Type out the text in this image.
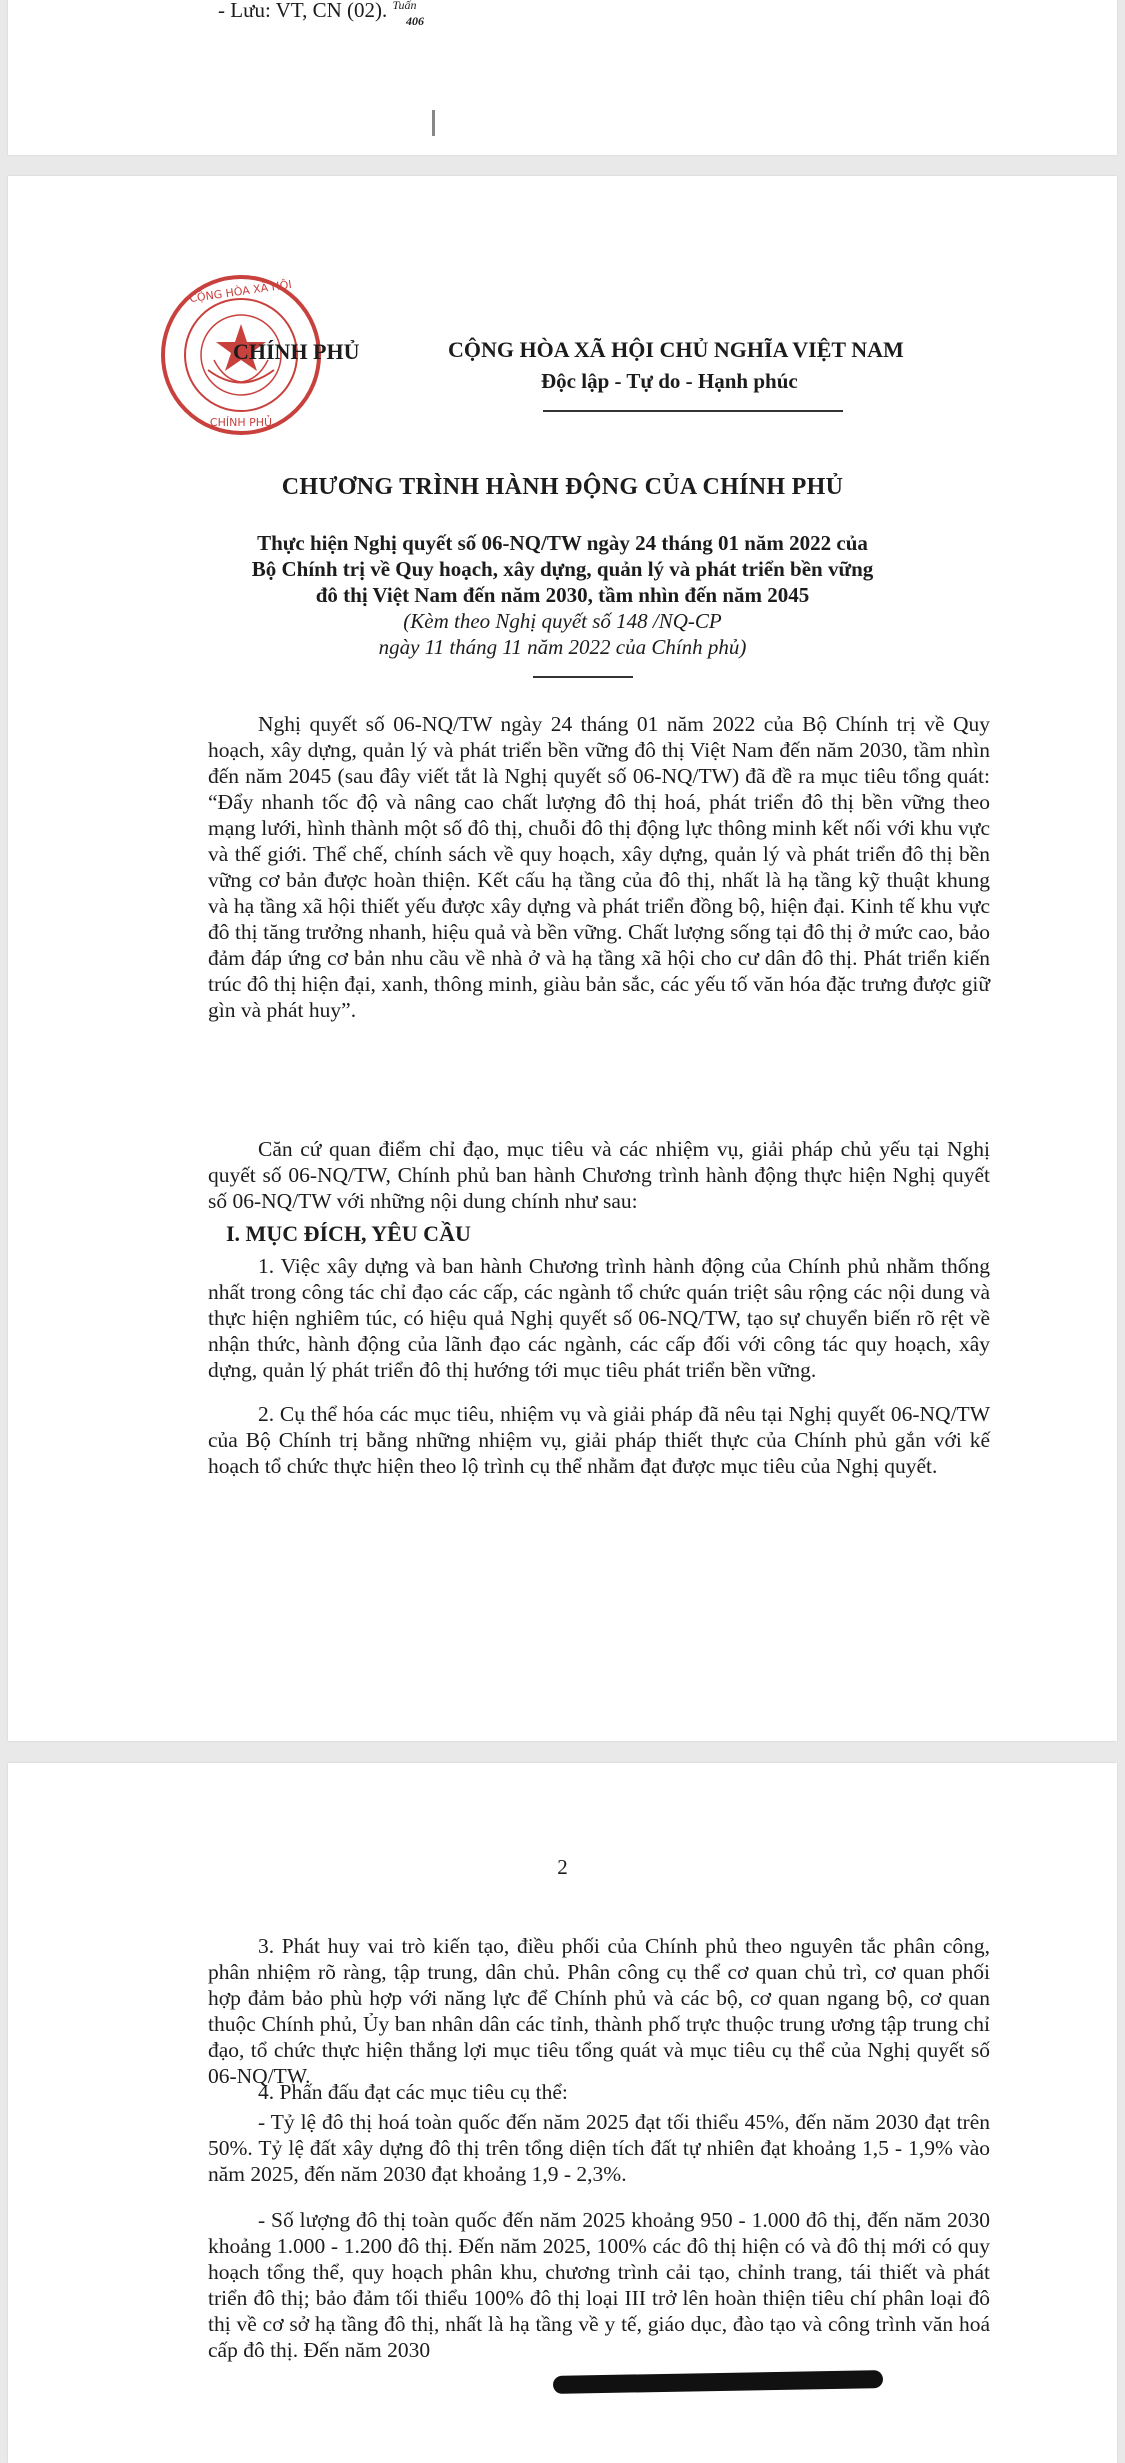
- Lưu: VT, CN (02). $^{Tuấn}$
406
CỘNG HÒA XÃ HỘI
CHÍNH PHỦ
CHÍNH PHỦ	CỘNG HÒA XÃ HỘI CHỦ NGHĨA VIỆT NAM
Độc lập - Tự do - Hạnh phúc
CHƯƠNG TRÌNH HÀNH ĐỘNG CỦA CHÍNH PHỦ
Thực hiện Nghị quyết số 06-NQ/TW ngày 24 tháng 01 năm 2022 của
Bộ Chính trị về Quy hoạch, xây dựng, quản lý và phát triển bền vững
đô thị Việt Nam đến năm 2030, tầm nhìn đến năm 2045
(Kèm theo Nghị quyết số 148 /NQ-CP
ngày 11 tháng 11 năm 2022 của Chính phủ)

Nghị quyết số 06-NQ/TW ngày 24 tháng 01 năm 2022 của Bộ Chính trị về Quy hoạch, xây dựng, quản lý và phát triển bền vững đô thị Việt Nam đến năm 2030, tầm nhìn đến năm 2045 (sau đây viết tắt là Nghị quyết số 06-NQ/TW) đã đề ra mục tiêu tổng quát: “Đẩy nhanh tốc độ và nâng cao chất lượng đô thị hoá, phát triển đô thị bền vững theo mạng lưới, hình thành một số đô thị, chuỗi đô thị động lực thông minh kết nối với khu vực và thế giới. Thể chế, chính sách về quy hoạch, xây dựng, quản lý và phát triển đô thị bền vững cơ bản được hoàn thiện. Kết cấu hạ tầng của đô thị, nhất là hạ tầng kỹ thuật khung và hạ tầng xã hội thiết yếu được xây dựng và phát triển đồng bộ, hiện đại. Kinh tế khu vực đô thị tăng trưởng nhanh, hiệu quả và bền vững. Chất lượng sống tại đô thị ở mức cao, bảo đảm đáp ứng cơ bản nhu cầu về nhà ở và hạ tầng xã hội cho cư dân đô thị. Phát triển kiến trúc đô thị hiện đại, xanh, thông minh, giàu bản sắc, các yếu tố văn hóa đặc trưng được giữ gìn và phát huy”.

Căn cứ quan điểm chỉ đạo, mục tiêu và các nhiệm vụ, giải pháp chủ yếu tại Nghị quyết số 06-NQ/TW, Chính phủ ban hành Chương trình hành động thực hiện Nghị quyết số 06-NQ/TW với những nội dung chính như sau:

I. MỤC ĐÍCH, YÊU CẦU

1. Việc xây dựng và ban hành Chương trình hành động của Chính phủ nhằm thống nhất trong công tác chỉ đạo các cấp, các ngành tổ chức quán triệt sâu rộng các nội dung và thực hiện nghiêm túc, có hiệu quả Nghị quyết số 06-NQ/TW, tạo sự chuyển biến rõ rệt về nhận thức, hành động của lãnh đạo các ngành, các cấp đối với công tác quy hoạch, xây dựng, quản lý phát triển đô thị hướng tới mục tiêu phát triển bền vững.

2. Cụ thể hóa các mục tiêu, nhiệm vụ và giải pháp đã nêu tại Nghị quyết 06-NQ/TW của Bộ Chính trị bằng những nhiệm vụ, giải pháp thiết thực của Chính phủ gắn với kế hoạch tổ chức thực hiện theo lộ trình cụ thể nhằm đạt được mục tiêu của Nghị quyết.

2

3. Phát huy vai trò kiến tạo, điều phối của Chính phủ theo nguyên tắc phân công, phân nhiệm rõ ràng, tập trung, dân chủ. Phân công cụ thể cơ quan chủ trì, cơ quan phối hợp đảm bảo phù hợp với năng lực để Chính phủ và các bộ, cơ quan ngang bộ, cơ quan thuộc Chính phủ, Ủy ban nhân dân các tỉnh, thành phố trực thuộc trung ương tập trung chỉ đạo, tổ chức thực hiện thắng lợi mục tiêu tổng quát và mục tiêu cụ thể của Nghị quyết số 06-NQ/TW.

4. Phấn đấu đạt các mục tiêu cụ thể:

- Tỷ lệ đô thị hoá toàn quốc đến năm 2025 đạt tối thiểu 45%, đến năm 2030 đạt trên 50%. Tỷ lệ đất xây dựng đô thị trên tổng diện tích đất tự nhiên đạt khoảng 1,5 - 1,9% vào năm 2025, đến năm 2030 đạt khoảng 1,9 - 2,3%.

- Số lượng đô thị toàn quốc đến năm 2025 khoảng 950 - 1.000 đô thị, đến năm 2030 khoảng 1.000 - 1.200 đô thị. Đến năm 2025, 100% các đô thị hiện có và đô thị mới có quy hoạch tổng thể, quy hoạch phân khu, chương trình cải tạo, chỉnh trang, tái thiết và phát triển đô thị; bảo đảm tối thiểu 100% đô thị loại III trở lên hoàn thiện tiêu chí phân loại đô thị về cơ sở hạ tầng đô thị, nhất là hạ tầng về y tế, giáo dục, đào tạo và công trình văn hoá cấp đô thị. Đến năm 2030
